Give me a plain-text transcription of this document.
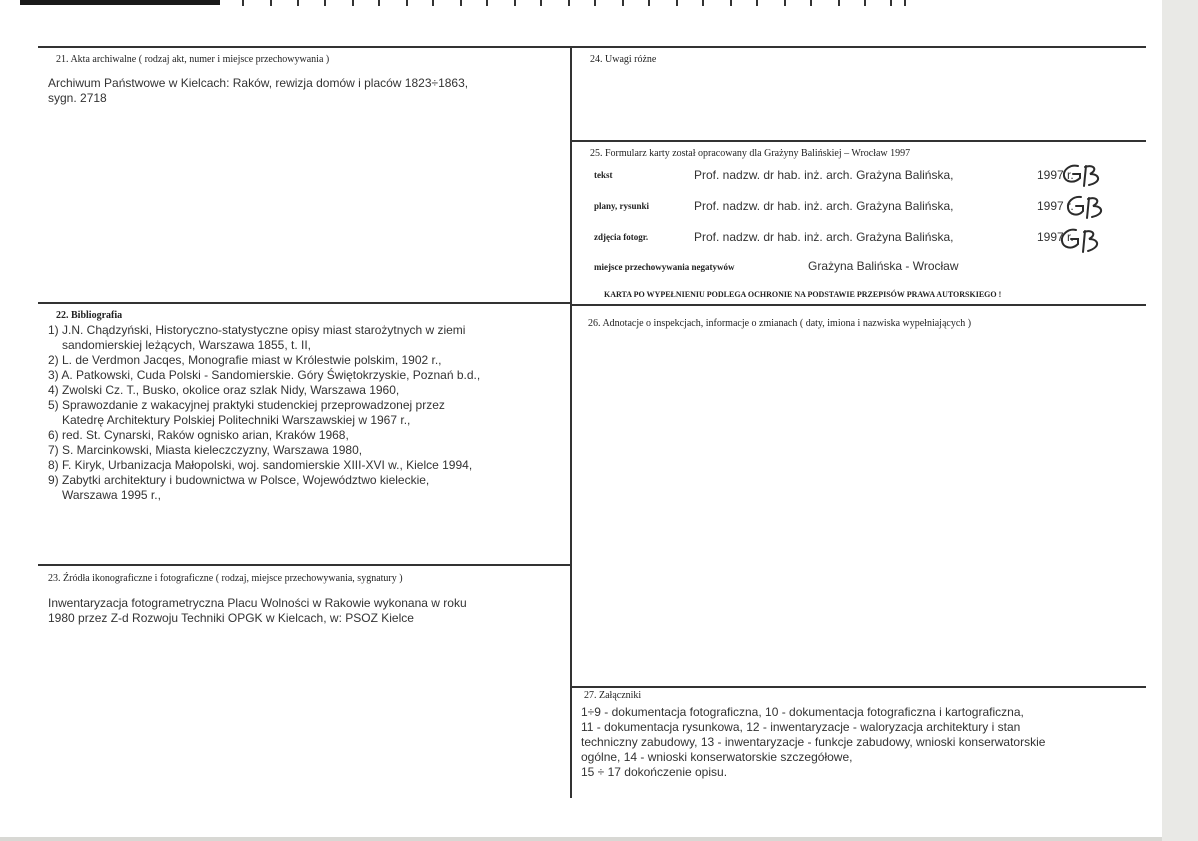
21. Akta archiwalne ( rodzaj akt, numer i miejsce przechowywania )
Archiwum Państwowe w Kielcach: Raków, rewizja domów i placów 1823÷1863,
sygn. 2718
22. Bibliografia
1) J.N. Chądzyński, Historyczno-statystyczne opisy miast starożytnych w ziemi
sandomierskiej leżących, Warszawa 1855, t. II,
2) L. de Verdmon Jacqes, Monografie miast w Królestwie polskim, 1902 r.,
3) A. Patkowski, Cuda Polski - Sandomierskie. Góry Świętokrzyskie, Poznań b.d.,
4) Zwolski Cz. T., Busko, okolice oraz szlak Nidy, Warszawa 1960,
5) Sprawozdanie z wakacyjnej praktyki studenckiej przeprowadzonej przez
Katedrę Architektury Polskiej Politechniki Warszawskiej w 1967 r.,
6) red. St. Cynarski, Raków ognisko arian, Kraków 1968,
7) S. Marcinkowski, Miasta kieleczczyzny, Warszawa 1980,
8) F. Kiryk, Urbanizacja Małopolski, woj. sandomierskie XIII-XVI w., Kielce 1994,
9) Zabytki architektury i budownictwa w Polsce, Województwo kieleckie,
Warszawa 1995 r.,
23. Źródła ikonograficzne i fotograficzne ( rodzaj, miejsce przechowywania, sygnatury )
Inwentaryzacja fotogrametryczna Placu Wolności w Rakowie wykonana w roku
1980 przez Z-d Rozwoju Techniki OPGK w Kielcach, w: PSOZ Kielce
24. Uwagi różne
25. Formularz karty został opracowany dla Grażyny Balińskiej – Wrocław 1997
tekst	Prof. nadzw. dr hab. inż. arch. Grażyna Balińska,	1997 r.
plany, rysunki	Prof. nadzw. dr hab. inż. arch. Grażyna Balińska,	1997 r.
zdjęcia fotogr.	Prof. nadzw. dr hab. inż. arch. Grażyna Balińska,	1997 r.
miejsce przechowywania negatywów	Grażyna Balińska - Wrocław
KARTA PO WYPEŁNIENIU PODLEGA OCHRONIE NA PODSTAWIE PRZEPISÓW PRAWA AUTORSKIEGO !
26. Adnotacje o inspekcjach, informacje o zmianach ( daty, imiona i nazwiska wypełniających )
27. Załączniki
1÷9 - dokumentacja fotograficzna, 10 - dokumentacja fotograficzna i kartograficzna,
11 - dokumentacja rysunkowa, 12 - inwentaryzacje - waloryzacja architektury i stan
techniczny zabudowy, 13 - inwentaryzacje - funkcje zabudowy, wnioski konserwatorskie
ogólne, 14 - wnioski konserwatorskie szczegółowe,
15 ÷ 17 dokończenie opisu.
